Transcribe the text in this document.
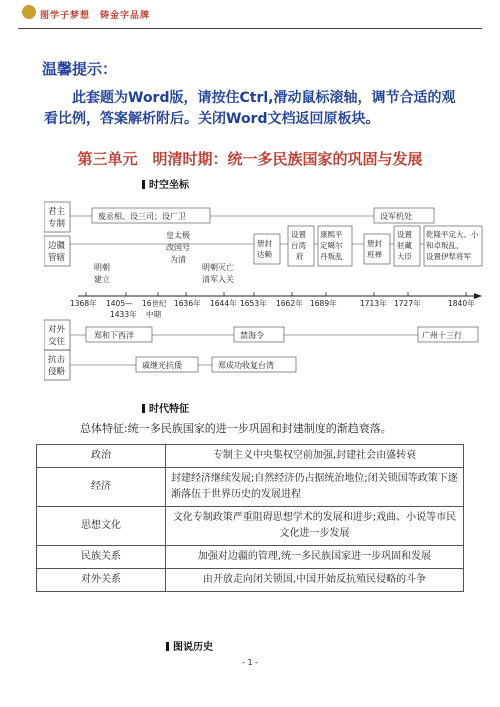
图学子梦想　铸金字品牌
温馨提示：
此套题为Word版，请按住Ctrl,滑动鼠标滚轴，调节合适的观看比例，答案解析附后。关闭Word文档返回原板块。
第三单元　明清时期：统一多民族国家的巩固与发展
时空坐标
君主
专制
边疆
管辖
对外
交往
抗击
侵略
废丞相、设三司；设厂卫	设军机处
册封
达赖
设置
台湾
府
康熙平
定噶尔
丹叛乱
册封
班禅
设置
驻藏
大臣
乾隆平定大、小
和卓叛乱，
设置伊犁将军
明朝
建立
皇太极
改国号
为清
明朝灭亡
清军入关
1368年 1405—
1433年
16世纪
中期
1636年 1644年 1653年 1662年 1689年	1713年 1727年	1840年
郑和下西洋	禁海令	广州十三行
戚继光抗倭	郑成功收复台湾
时代特征
总体特征:统一多民族国家的进一步巩固和封建制度的渐趋衰落。
政治	专制主义中央集权空前加强,封建社会由盛转衰
经济	封建经济继续发展;自然经济仍占据统治地位;闭关锁国等政策下逐渐落伍于世界历史的发展进程
思想文化	文化专制政策严重阻碍思想学术的发展和进步;戏曲、小说等市民文化进一步发展
民族关系	加强对边疆的管理,统一多民族国家进一步巩固和发展
对外关系	由开放走向闭关锁国,中国开始反抗殖民侵略的斗争
图说历史
- 1 -
